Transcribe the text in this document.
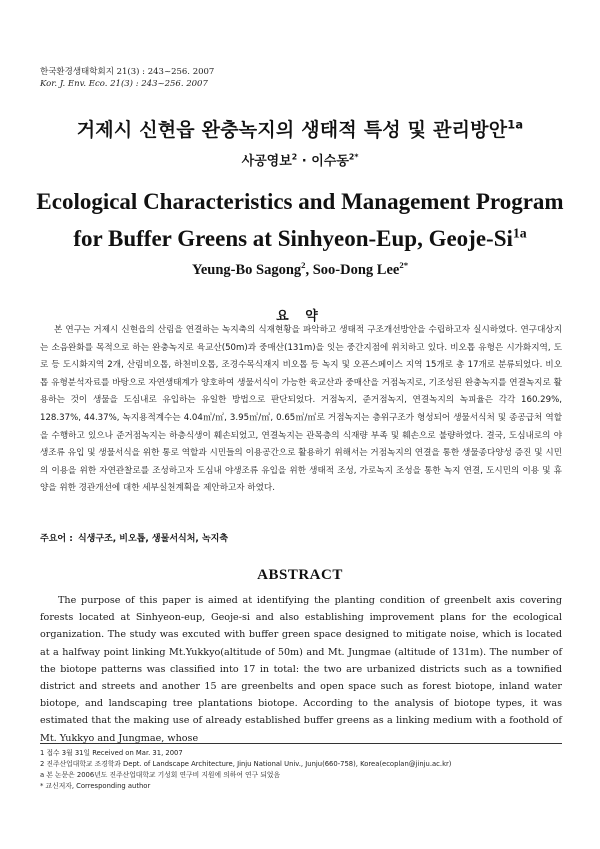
한국환경생태학회지 21(3) : 243~256. 2007
Kor. J. Env. Eco. 21(3) : 243~256. 2007
거제시 신현읍 완충녹지의 생태적 특성 및 관리방안$^{1a}$
사공영보$^2$ · 이수동$^{2*}$
Ecological Characteristics and Management Program
for Buffer Greens at Sinhyeon-Eup, Geoje-$Si^{1a}$
Yeung-Bo Sagong$^2$, Soo-Dong Lee$^{2*}$
요 약
본 연구는 거제시 신현읍의 산림을 연결하는 녹지축의 식재현황을 파악하고 생태적 구조개선방안을 수립하고자 실시하였다. 연구대상지는 소음완화를 목적으로 하는 완충녹지로 육교산(50m)과 중매산(131m)을 잇는 중간지점에 위치하고 있다. 비오톱 유형은 시가화지역, 도로 등 도시화지역 2개, 산림비오톱, 하천비오톱, 조경수목식재지 비오톱 등 녹지 및 오픈스페이스 지역 15개로 총 17개로 분류되었다. 비오톱 유형분석자료를 바탕으로 자연생태계가 양호하여 생물서식이 가능한 육교산과 중매산을 거점녹지로, 기조성된 완충녹지를 연결녹지로 활용하는 것이 생물을 도심내로 유입하는 유일한 방법으로 판단되었다. 거점녹지, 준거점녹지, 연결녹지의 녹피율은 각각 160.29%, 128.37%, 44.37%, 녹지용적계수는 4.04㎥/㎡, 3.95㎥/㎡, 0.65㎥/㎡로 거점녹지는 층위구조가 형성되어 생물서식처 및 종공급처 역할을 수행하고 있으나 준거점녹지는 하층식생이 훼손되었고, 연결녹지는 관목층의 식재량 부족 및 훼손으로 불량하였다. 결국, 도심내로의 야생조류 유입 및 생물서식을 위한 통로 역할과 시민들의 이용공간으로 활용하기 위해서는 거점녹지의 연결을 통한 생물종다양성 증진 및 시민의 이용을 위한 자연관찰로를 조성하고자 도심내 야생조류 유입을 위한 생태적 조성, 가로녹지 조성을 통한 녹지 연결, 도시민의 이용 및 휴양을 위한 경관개선에 대한 세부실천계획을 제안하고자 하였다.
주요어 : 식생구조, 비오톱, 생물서식처, 녹지축
ABSTRACT
The purpose of this paper is aimed at identifying the planting condition of greenbelt axis covering forests located at Sinhyeon-eup, Geoje-si and also establishing improvement plans for the ecological organization. The study was excuted with buffer green space designed to mitigate noise, which is located at a halfway point linking Mt.Yukkyo(altitude of 50m) and Mt. Jungmae (altitude of 131m). The number of the biotope patterns was classified into 17 in total: the two are urbanized districts such as a townified district and streets and another 15 are greenbelts and open space such as forest biotope, inland water biotope, and landscaping tree plantations biotope. According to the analysis of biotope types, it was estimated that the making use of already established buffer greens as a linking medium with a foothold of Mt. Yukkyo and Jungmae, whose
1 접수 3월 31일 Received on Mar. 31, 2007
2 진주산업대학교 조경학과 Dept. of Landscape Architecture, Jinju National Univ., Junju(660-758), Korea(ecoplan@jinju.ac.kr)
a 본 논문은 2006년도 진주산업대학교 기성회 연구비 지원에 의하여 연구 되었음
* 교신저자, Corresponding author
